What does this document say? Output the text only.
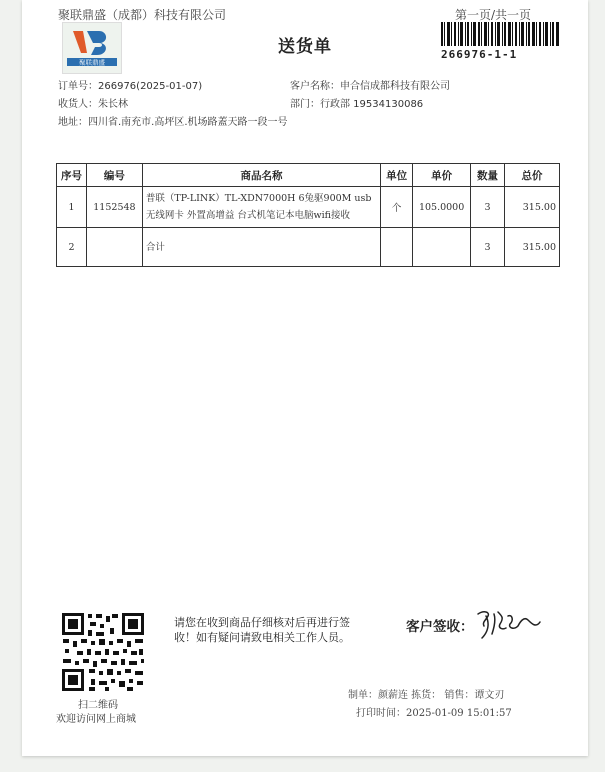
聚联鼎盛（成都）科技有限公司	第一页/共一页
聚联鼎盛
送货单	266976-1-1
订单号：266976(2025-01-07)
收货人：朱长林
地址：四川省.南充市.高坪区.机场路蓋天路一段一号
客户名称：申合信成都科技有限公司
部门：行政部 19534130086
序号	编号	商品名称	单位	单价	数量	总价
1	1152548	普联（TP-LINK）TL-XDN7000H 6兔驱900M usb
无线网卡 外置高增益 台式机笔记本电脑wifi接收	个	105.0000	3	315.00
2		合计			3	315.00
扫二维码
欢迎访问网上商城
请您在收到商品仔细核对后再进行签
收！如有疑问请致电相关工作人员。
客户签收：
制单：颜薪连 拣货： 销售：谭文刃
打印时间：2025-01-09 15:01:57
